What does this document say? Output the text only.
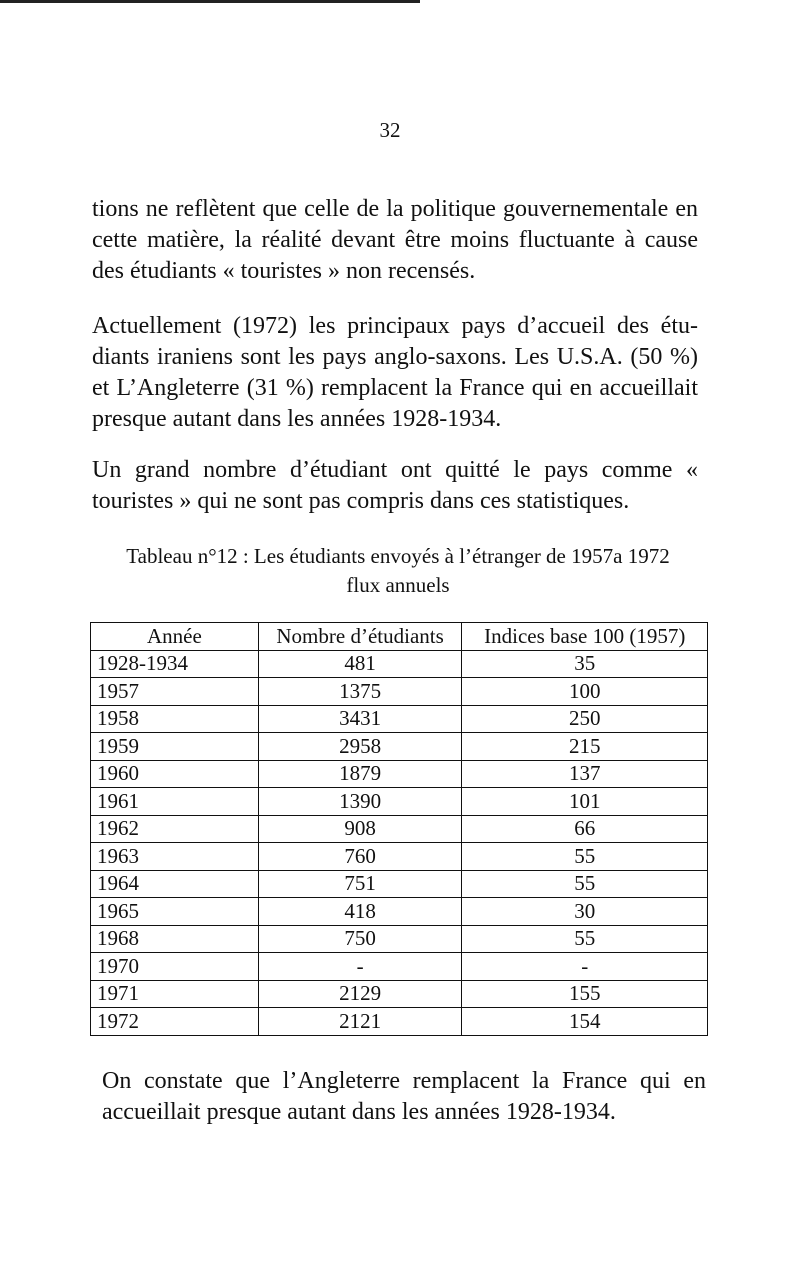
32

tions ne reflètent que celle de la politique gouvernementale en cette matière, la réalité devant être moins fluctuante à cause des étudiants « touristes » non recensés.

Actuellement (1972) les principaux pays d’accueil des étu-diants iraniens sont les pays anglo-saxons. Les U.S.A. (50 %) et L’Angleterre (31 %) remplacent la France qui en accueillait presque autant dans les années 1928-1934.

Un grand nombre d’étudiant ont quitté le pays comme « touristes » qui ne sont pas compris dans ces statistiques.

Tableau n°12 : Les étudiants envoyés à l’étranger de 1957a 1972
flux annuels
Année	Nombre d’étudiants	Indices base 100 (1957)
1928-1934	481	35
1957	1375	100
1958	3431	250
1959	2958	215
1960	1879	137
1961	1390	101
1962	908	66
1963	760	55
1964	751	55
1965	418	30
1968	750	55
1970	-	-
1971	2129	155
1972	2121	154

On constate que l’Angleterre remplacent la France qui en accueillait presque autant dans les années 1928-1934.
